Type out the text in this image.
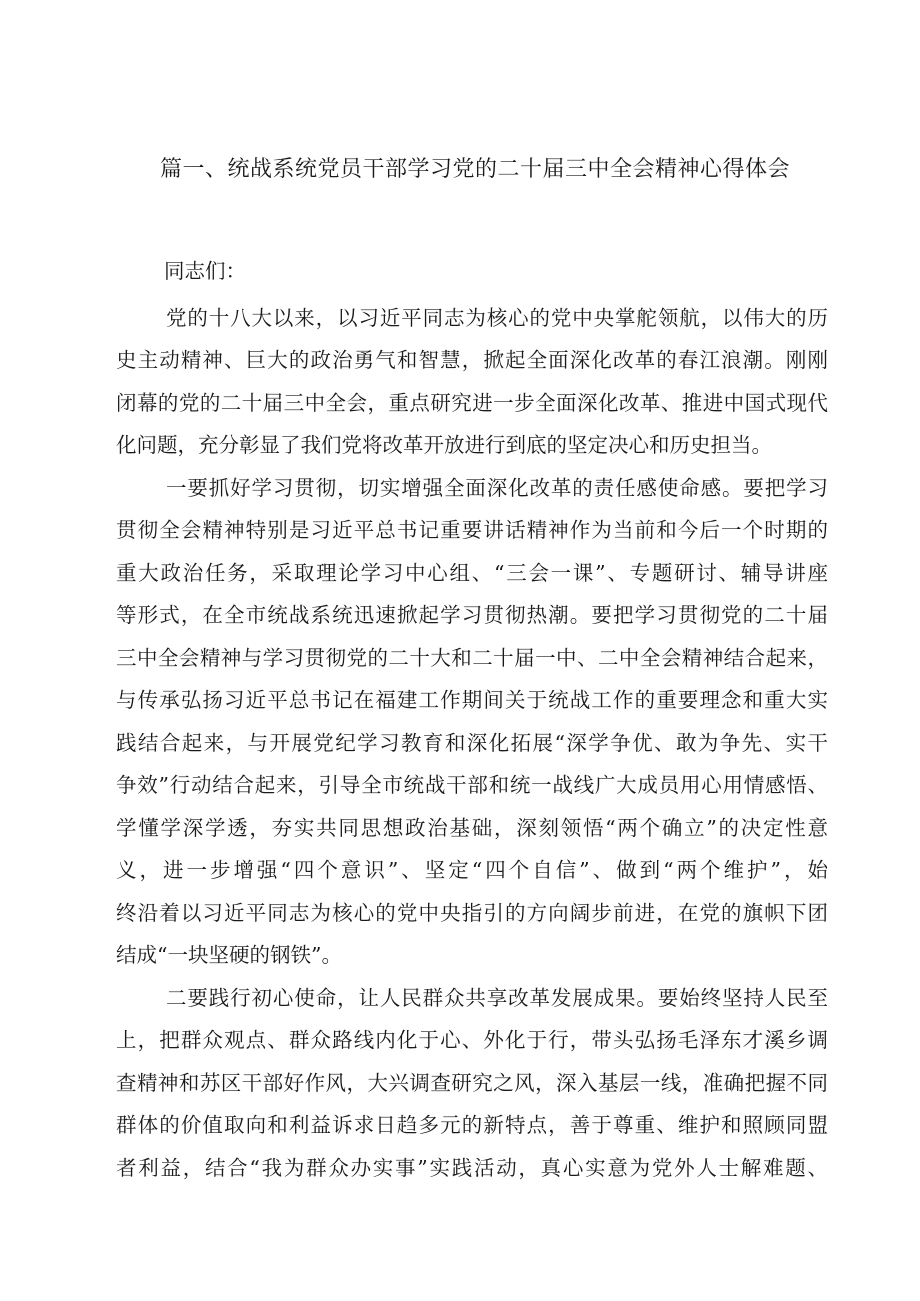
篇一、统战系统党员干部学习党的二十届三中全会精神心得体会
同志们：
党的十八大以来，以习近平同志为核心的党中央掌舵领航，以伟大的历
史主动精神、巨大的政治勇气和智慧，掀起全面深化改革的春江浪潮。刚刚
闭幕的党的二十届三中全会，重点研究进一步全面深化改革、推进中国式现代
化问题，充分彰显了我们党将改革开放进行到底的坚定决心和历史担当。
一要抓好学习贯彻，切实增强全面深化改革的责任感使命感。要把学习
贯彻全会精神特别是习近平总书记重要讲话精神作为当前和今后一个时期的
重大政治任务，采取理论学习中心组、“三会一课”、专题研讨、辅导讲座
等形式，在全市统战系统迅速掀起学习贯彻热潮。要把学习贯彻党的二十届
三中全会精神与学习贯彻党的二十大和二十届一中、二中全会精神结合起来，
与传承弘扬习近平总书记在福建工作期间关于统战工作的重要理念和重大实
践结合起来，与开展党纪学习教育和深化拓展“深学争优、敢为争先、实干
争效”行动结合起来，引导全市统战干部和统一战线广大成员用心用情感悟、
学懂学深学透，夯实共同思想政治基础，深刻领悟“两个确立”的决定性意
义，进一步增强“四个意识”、坚定“四个自信”、做到“两个维护”，始
终沿着以习近平同志为核心的党中央指引的方向阔步前进，在党的旗帜下团
结成“一块坚硬的钢铁”。
二要践行初心使命，让人民群众共享改革发展成果。要始终坚持人民至
上，把群众观点、群众路线内化于心、外化于行，带头弘扬毛泽东才溪乡调
查精神和苏区干部好作风，大兴调查研究之风，深入基层一线，准确把握不同
群体的价值取向和利益诉求日趋多元的新特点，善于尊重、维护和照顾同盟
者利益，结合“我为群众办实事”实践活动，真心实意为党外人士解难题、
